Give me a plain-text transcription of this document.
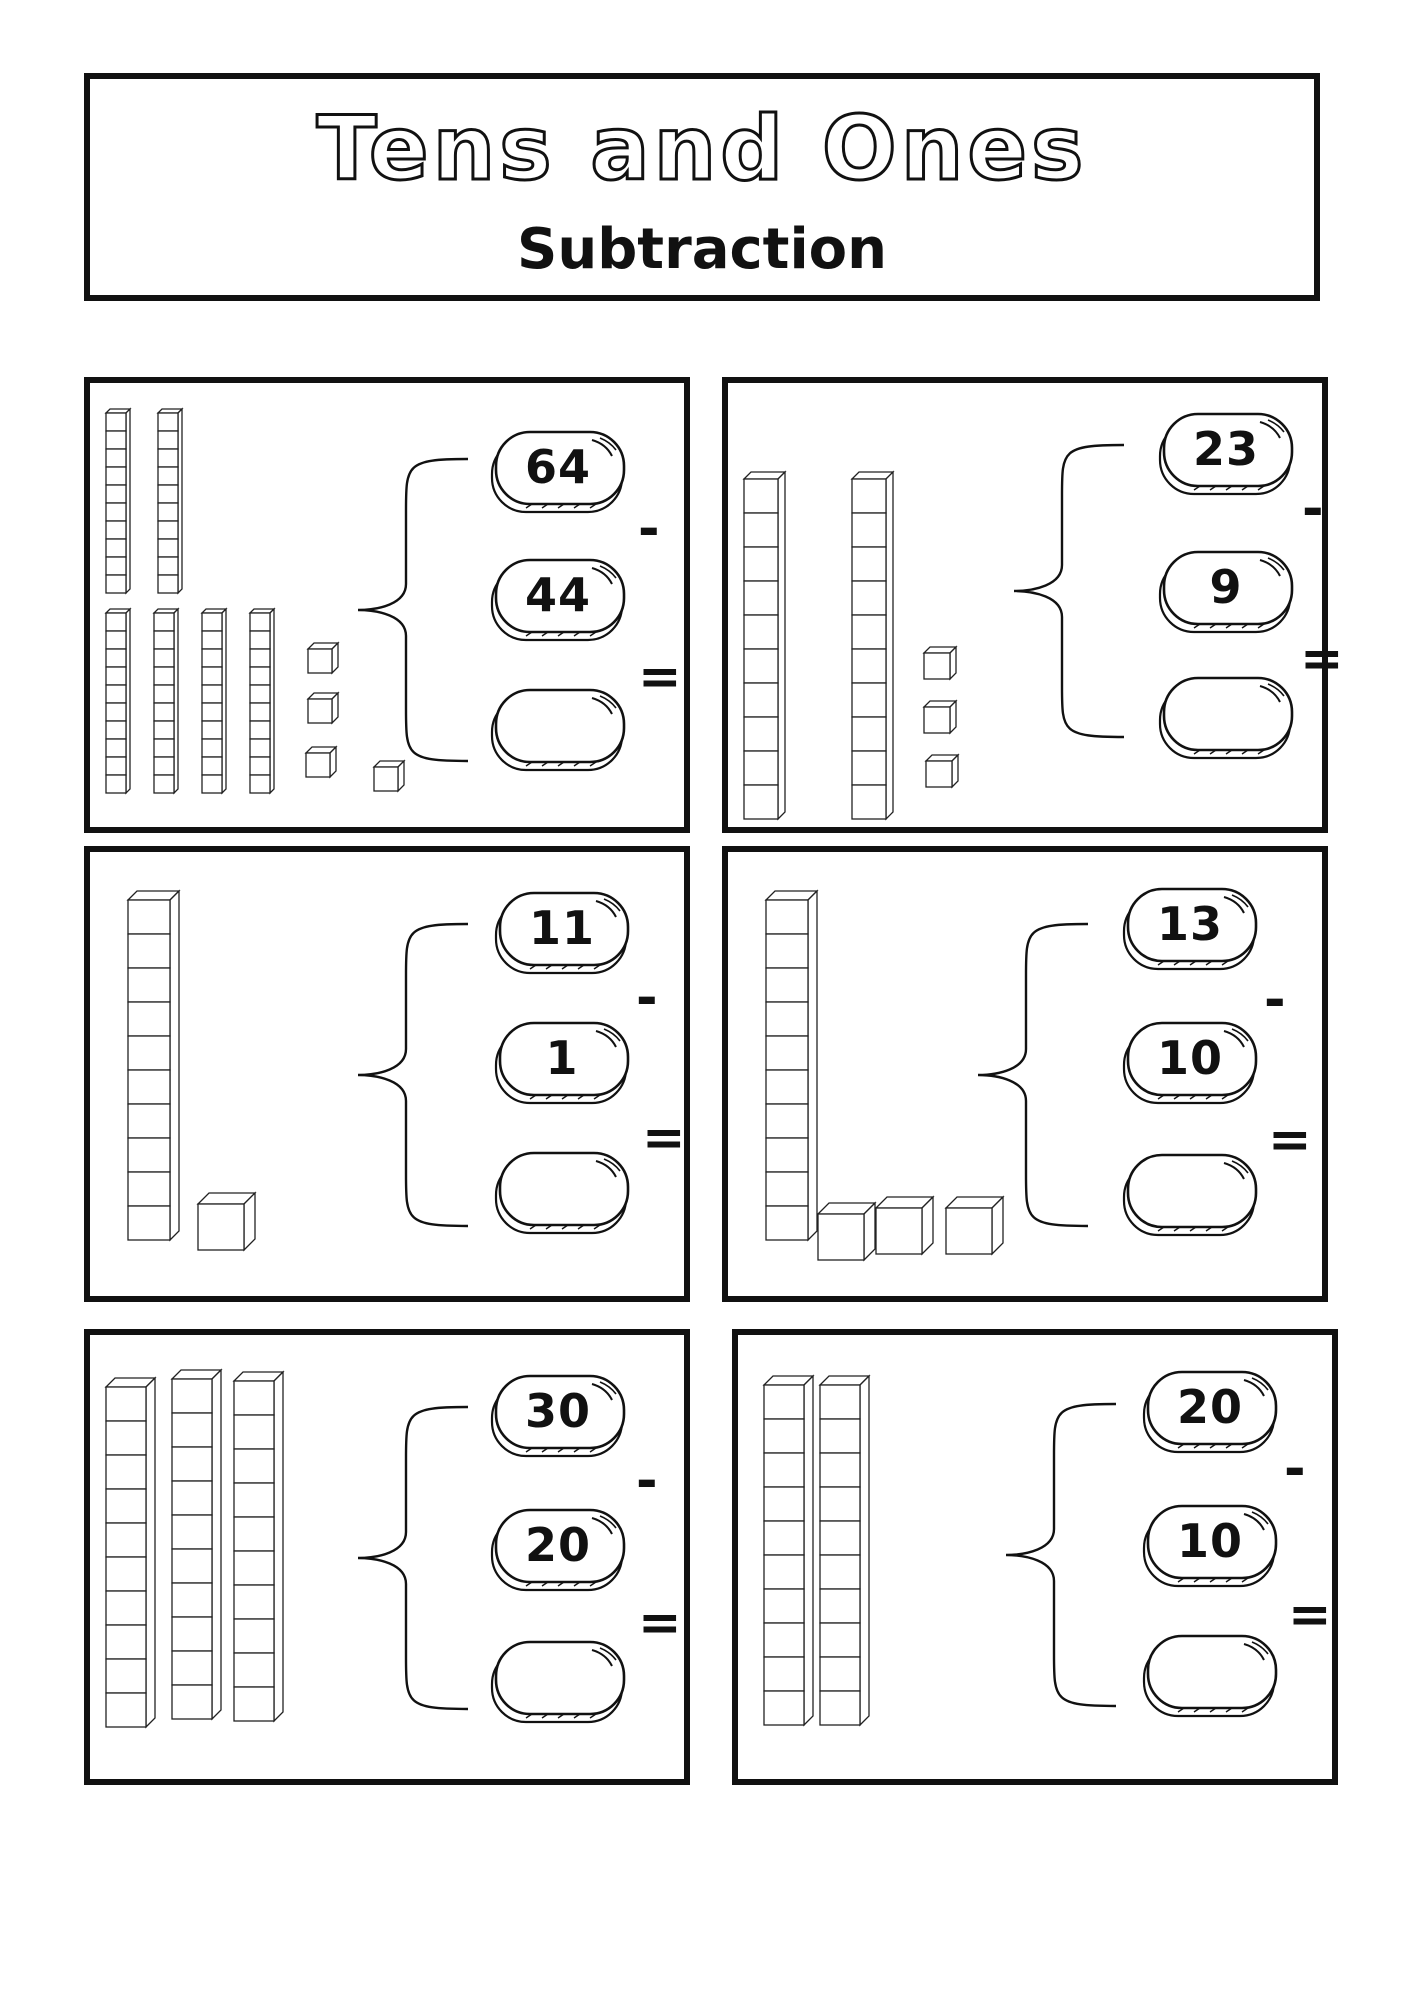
Tens and Ones
Subtraction
64
44
-
=
23
9
-
=
11
1
-
=
13
10
-
=
30
20
-
=
20
10
-
=
